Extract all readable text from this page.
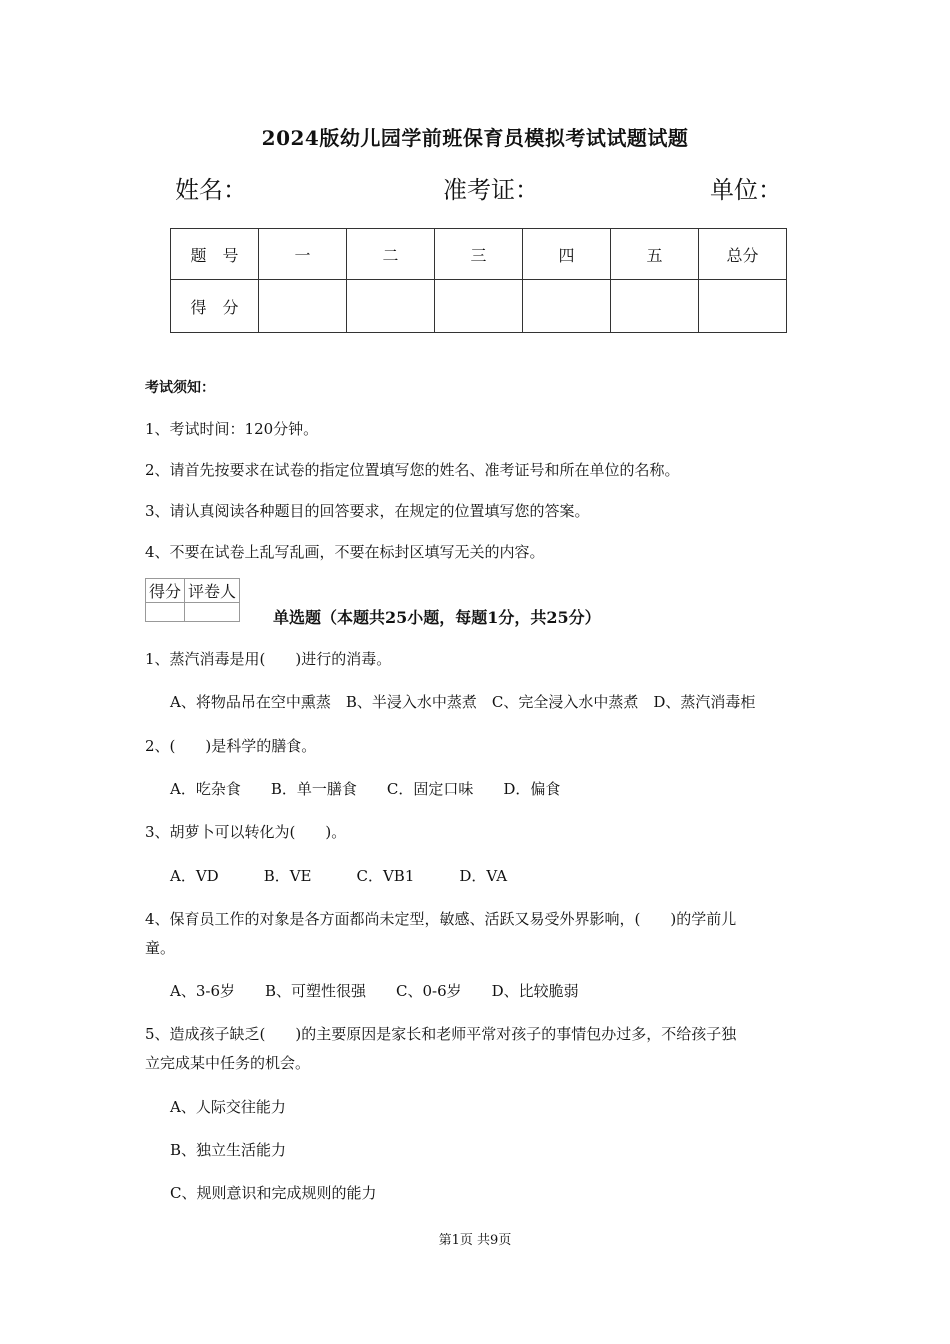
2024版幼儿园学前班保育员模拟考试试题试题
姓名：	准考证：	单位：
题　号	一	二	三	四	五	总分
得　分						
考试须知：
1、考试时间：120分钟。
2、请首先按要求在试卷的指定位置填写您的姓名、准考证号和所在单位的名称。
3、请认真阅读各种题目的回答要求，在规定的位置填写您的答案。
4、不要在试卷上乱写乱画，不要在标封区填写无关的内容。
得分	评卷人

单选题（本题共25小题，每题1分，共25分）
1、蒸汽消毒是用(　　)进行的消毒。
A、将物品吊在空中熏蒸　B、半浸入水中蒸煮　C、完全浸入水中蒸煮　D、蒸汽消毒柜
2、(　　)是科学的膳食。
A．吃杂食　　B．单一膳食　　C．固定口味　　D．偏食
3、胡萝卜可以转化为(　　)。
A．VD　　　B．VE　　　C．VB1　　　D．VA
4、保育员工作的对象是各方面都尚未定型，敏感、活跃又易受外界影响，(　　)的学前儿
童。
A、3-6岁　　B、可塑性很强　　C、0-6岁　　D、比较脆弱
5、造成孩子缺乏(　　)的主要原因是家长和老师平常对孩子的事情包办过多，不给孩子独
立完成某中任务的机会。
A、人际交往能力
B、独立生活能力
C、规则意识和完成规则的能力
第1页 共9页
